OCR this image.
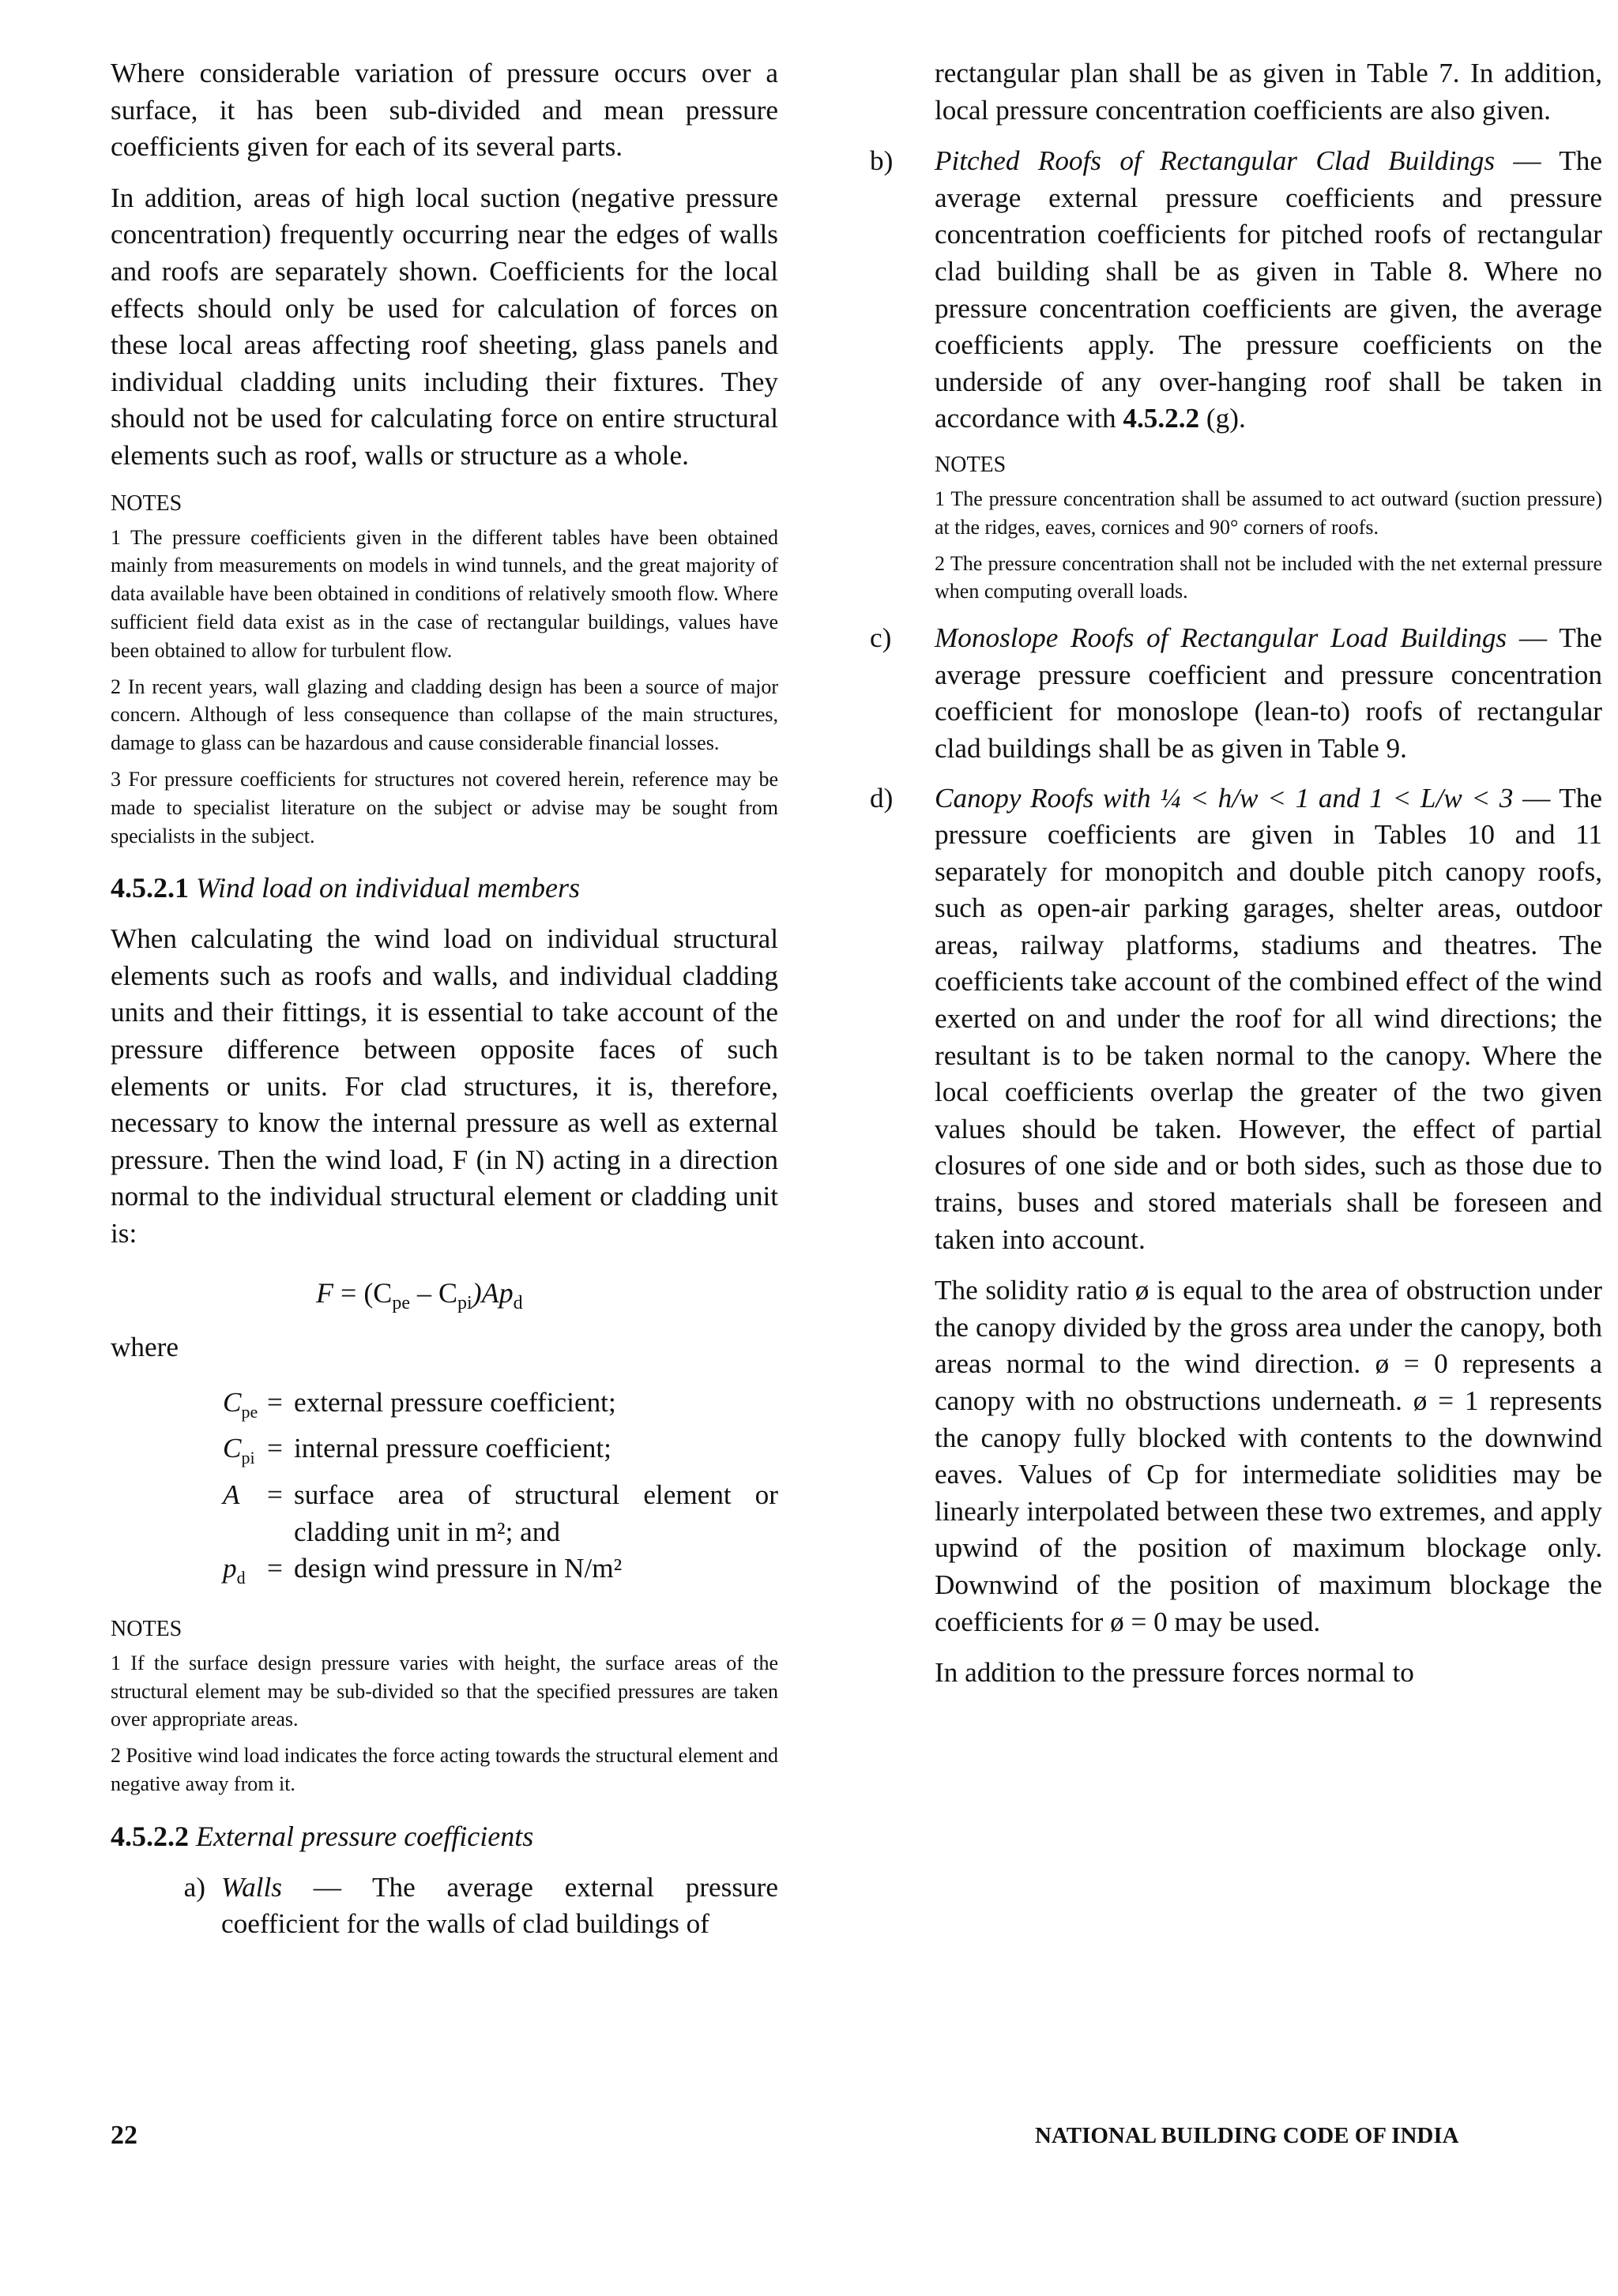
Where considerable variation of pressure occurs over a surface, it has been sub-divided and mean pressure coefficients given for each of its several parts.

In addition, areas of high local suction (negative pressure concentration) frequently occurring near the edges of walls and roofs are separately shown. Coefficients for the local effects should only be used for calculation of forces on these local areas affecting roof sheeting, glass panels and individual cladding units including their fixtures. They should not be used for calculating force on entire structural elements such as roof, walls or structure as a whole.

NOTES

1 The pressure coefficients given in the different tables have been obtained mainly from measurements on models in wind tunnels, and the great majority of data available have been obtained in conditions of relatively smooth flow. Where sufficient field data exist as in the case of rectangular buildings, values have been obtained to allow for turbulent flow.

2 In recent years, wall glazing and cladding design has been a source of major concern. Although of less consequence than collapse of the main structures, damage to glass can be hazardous and cause considerable financial losses.

3 For pressure coefficients for structures not covered herein, reference may be made to specialist literature on the subject or advise may be sought from specialists in the subject.

4.5.2.1 Wind load on individual members

When calculating the wind load on individual structural elements such as roofs and walls, and individual cladding units and their fittings, it is essential to take account of the pressure difference between opposite faces of such elements or units. For clad structures, it is, therefore, necessary to know the internal pressure as well as external pressure. Then the wind load, F (in N) acting in a direction normal to the individual structural element or cladding unit is:

$F = (C_{pe} - C_{pi})Ap_d$
where
$C_{pe}$ = external pressure coefficient;
$C_{pi}$ = internal pressure coefficient;
A = surface area of structural element or cladding unit in m²; and
$p_d$ = design wind pressure in N/m²
NOTES

1 If the surface design pressure varies with height, the surface areas of the structural element may be sub-divided so that the specified pressures are taken over appropriate areas.

2 Positive wind load indicates the force acting towards the structural element and negative away from it.

4.5.2.2 External pressure coefficients
a) Walls — The average external pressure coefficient for the walls of clad buildings of

rectangular plan shall be as given in Table 7. In addition, local pressure concentration coefficients are also given.

b)	Pitched Roofs of Rectangular Clad Buildings — The average external pressure coefficients and pressure concentration coefficients for pitched roofs of rectangular clad building shall be as given in Table 8. Where no pressure concentration coefficients are given, the average coefficients apply. The pressure coefficients on the underside of any over-hanging roof shall be taken in accordance with 4.5.2.2 (g).

NOTES

1 The pressure concentration shall be assumed to act outward (suction pressure) at the ridges, eaves, cornices and 90° corners of roofs.

2 The pressure concentration shall not be included with the net external pressure when computing overall loads.

c)	Monoslope Roofs of Rectangular Load Buildings — The average pressure coefficient and pressure concentration coefficient for monoslope (lean-to) roofs of rectangular clad buildings shall be as given in Table 9.

d)	Canopy Roofs with ¼ < h/w < 1 and 1 < L/w < 3 — The pressure coefficients are given in Tables 10 and 11 separately for monopitch and double pitch canopy roofs, such as open-air parking garages, shelter areas, outdoor areas, railway platforms, stadiums and theatres. The coefficients take account of the combined effect of the wind exerted on and under the roof for all wind directions; the resultant is to be taken normal to the canopy. Where the local coefficients overlap the greater of the two given values should be taken. However, the effect of partial closures of one side and or both sides, such as those due to trains, buses and stored materials shall be foreseen and taken into account.

The solidity ratio ø is equal to the area of obstruction under the canopy divided by the gross area under the canopy, both areas normal to the wind direction. ø = 0 represents a canopy with no obstructions underneath. ø = 1 represents the canopy fully blocked with contents to the downwind eaves. Values of Cp for intermediate solidities may be linearly interpolated between these two extremes, and apply upwind of the position of maximum blockage only. Downwind of the position of maximum blockage the coefficients for ø = 0 may be used.

In addition to the pressure forces normal to

22	NATIONAL BUILDING CODE OF INDIA
